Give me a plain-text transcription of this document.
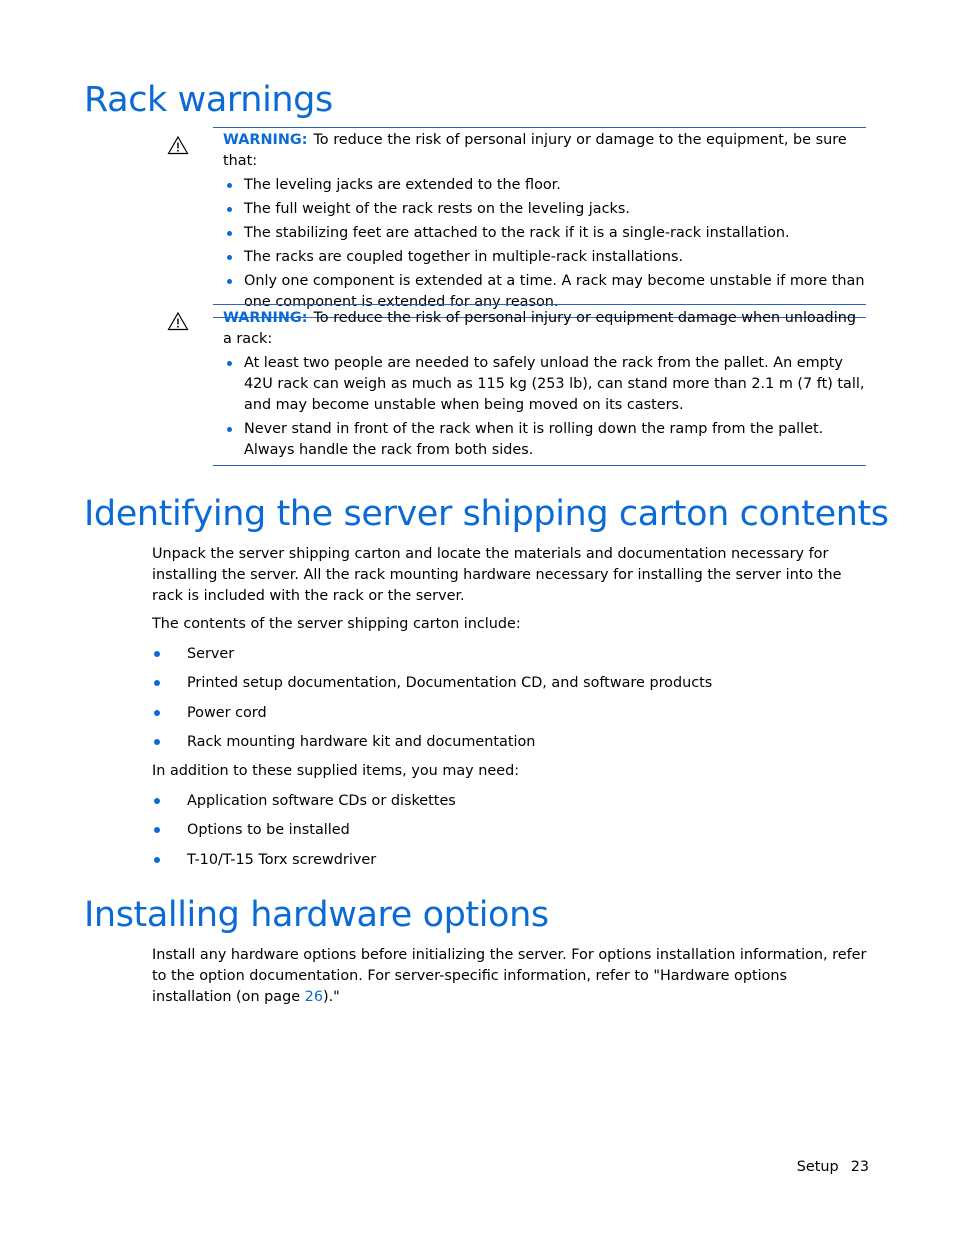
Rack warnings

WARNING: To reduce the risk of personal injury or damage to the equipment, be sure that:

The leveling jacks are extended to the floor.
The full weight of the rack rests on the leveling jacks.
The stabilizing feet are attached to the rack if it is a single-rack installation.
The racks are coupled together in multiple-rack installations.
Only one component is extended at a time. A rack may become unstable if more than one component is extended for any reason.

WARNING: To reduce the risk of personal injury or equipment damage when unloading a rack:

At least two people are needed to safely unload the rack from the pallet. An empty 42U rack can weigh as much as 115 kg (253 lb), can stand more than 2.1 m (7 ft) tall, and may become unstable when being moved on its casters.
Never stand in front of the rack when it is rolling down the ramp from the pallet. Always handle the rack from both sides.
Identifying the server shipping carton contents

Unpack the server shipping carton and locate the materials and documentation necessary for installing the server. All the rack mounting hardware necessary for installing the server into the rack is included with the rack or the server.

The contents of the server shipping carton include:

Server
Printed setup documentation, Documentation CD, and software products
Power cord
Rack mounting hardware kit and documentation

In addition to these supplied items, you may need:

Application software CDs or diskettes
Options to be installed
T-10/T-15 Torx screwdriver
Installing hardware options

Install any hardware options before initializing the server. For options installation information, refer to the option documentation. For server-specific information, refer to "Hardware options installation (on page 26)."

Setup 23
